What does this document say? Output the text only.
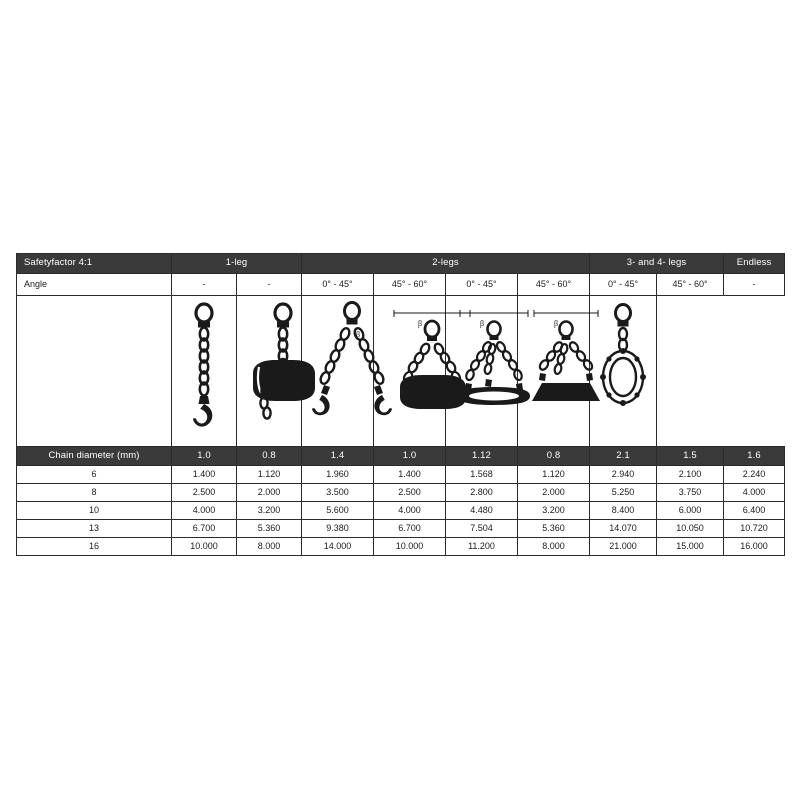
Safetyfactor 4:1	1-leg		2-legs				3- and 4- legs		Endless
Angle	-	-	0° - 45°	45° - 60°	0° - 45°	45° - 60°	0° - 45°	45° - 60°	-

β	β	β	β

Chain diameter (mm)	1.0	0.8	1.4	1.0	1.12	0.8	2.1	1.5	1.6
6	1.400	1.120	1.960	1.400	1.568	1.120	2.940	2.100	2.240
8	2.500	2.000	3.500	2.500	2.800	2.000	5.250	3.750	4.000
10	4.000	3.200	5.600	4.000	4.480	3.200	8.400	6.000	6.400
13	6.700	5.360	9.380	6.700	7.504	5.360	14.070	10.050	10.720
16	10.000	8.000	14.000	10.000	11.200	8.000	21.000	15.000	16.000
